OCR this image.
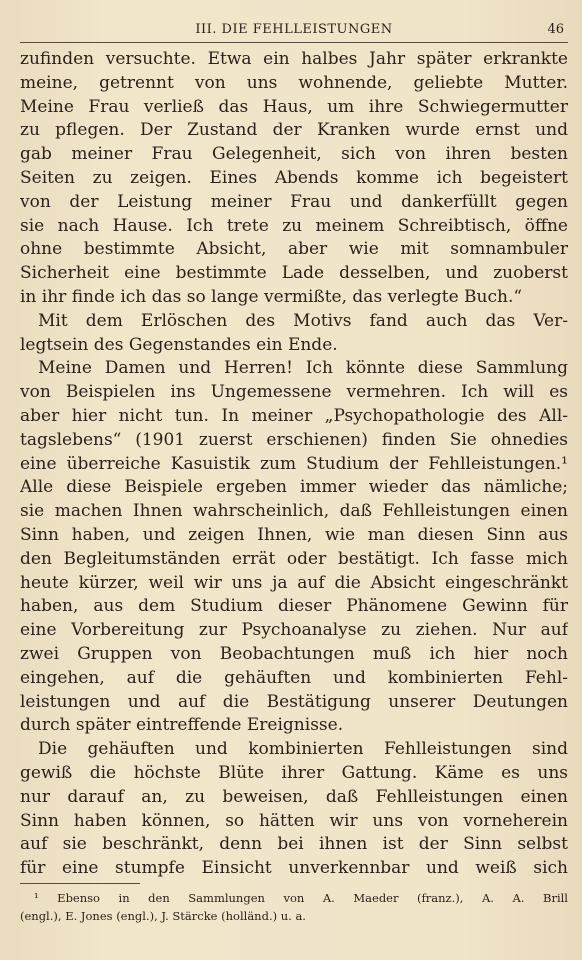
III. DIE FEHLLEISTUNGEN	46
zufinden versuchte. Etwa ein halbes Jahr später erkrankte
meine, getrennt von uns wohnende, geliebte Mutter.
Meine Frau verließ das Haus, um ihre Schwiegermutter
zu pflegen. Der Zustand der Kranken wurde ernst und
gab meiner Frau Gelegenheit, sich von ihren besten
Seiten zu zeigen. Eines Abends komme ich begeistert
von der Leistung meiner Frau und dankerfüllt gegen
sie nach Hause. Ich trete zu meinem Schreibtisch, öffne
ohne bestimmte Absicht, aber wie mit somnambuler
Sicherheit eine bestimmte Lade desselben, und zuoberst
in ihr finde ich das so lange vermißte, das verlegte Buch.“
Mit dem Erlöschen des Motivs fand auch das Ver-
legtsein des Gegenstandes ein Ende.
Meine Damen und Herren! Ich könnte diese Sammlung
von Beispielen ins Ungemessene vermehren. Ich will es
aber hier nicht tun. In meiner „Psychopathologie des All-
tagslebens“ (1901 zuerst erschienen) finden Sie ohnedies
eine überreiche Kasuistik zum Studium der Fehlleistungen.¹
Alle diese Beispiele ergeben immer wieder das nämliche;
sie machen Ihnen wahrscheinlich, daß Fehlleistungen einen
Sinn haben, und zeigen Ihnen, wie man diesen Sinn aus
den Begleitumständen errät oder bestätigt. Ich fasse mich
heute kürzer, weil wir uns ja auf die Absicht eingeschränkt
haben, aus dem Studium dieser Phänomene Gewinn für
eine Vorbereitung zur Psychoanalyse zu ziehen. Nur auf
zwei Gruppen von Beobachtungen muß ich hier noch
eingehen, auf die gehäuften und kombinierten Fehl-
leistungen und auf die Bestätigung unserer Deutungen
durch später eintreffende Ereignisse.
Die gehäuften und kombinierten Fehlleistungen sind
gewiß die höchste Blüte ihrer Gattung. Käme es uns
nur darauf an, zu beweisen, daß Fehlleistungen einen
Sinn haben können, so hätten wir uns von vorneherein
auf sie beschränkt, denn bei ihnen ist der Sinn selbst
für eine stumpfe Einsicht unverkennbar und weiß sich
¹ Ebenso in den Sammlungen von A. Maeder (franz.), A. A. Brill
(engl.), E. Jones (engl.), J. Stärcke (holländ.) u. a.
